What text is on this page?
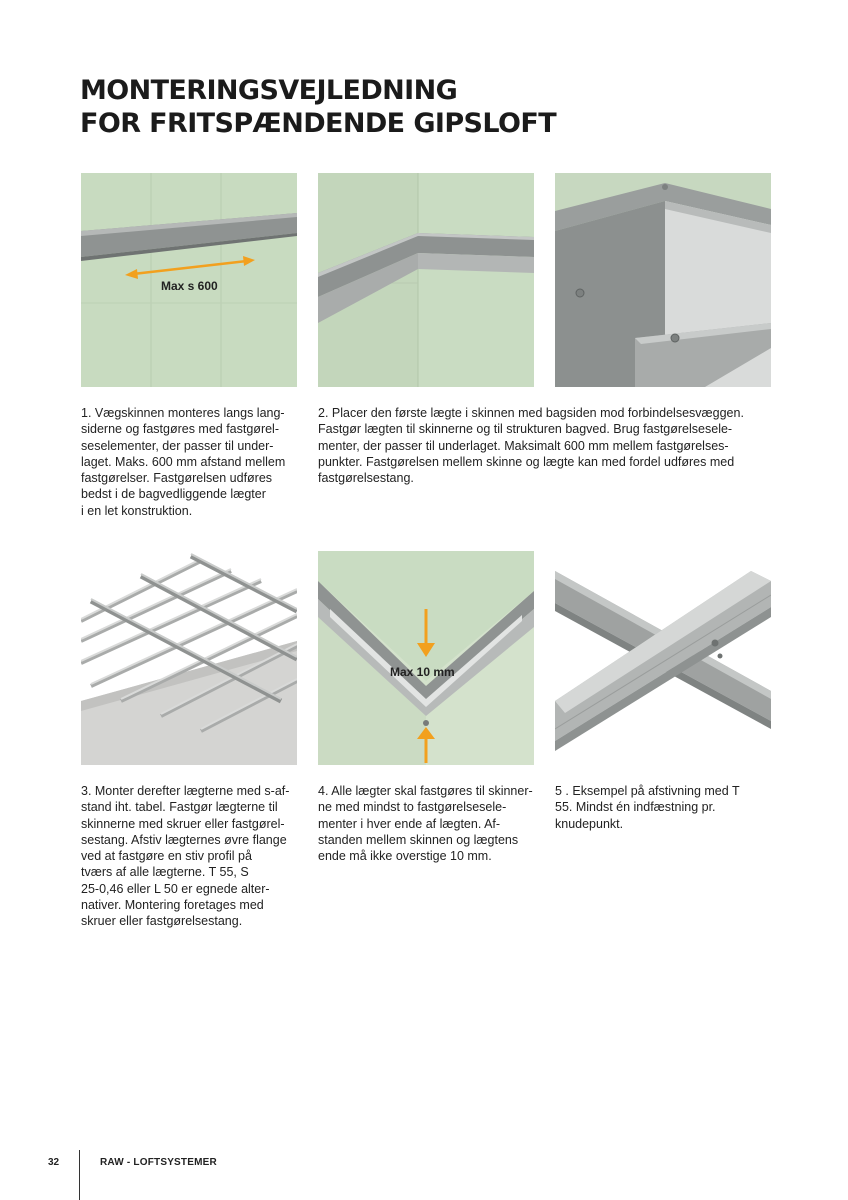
MONTERINGSVEJLEDNING
FOR FRITSPÆNDENDE GIPSLOFT
Max s 600

1. Vægskinnen monteres langs lang-
siderne og fastgøres med fastgørel-
seselementer, der passer til under-
laget. Maks. 600 mm afstand mellem
fastgørelser. Fastgørelsen udføres
bedst i de bagvedliggende lægter
i en let konstruktion.

2. Placer den første lægte i skinnen med bagsiden mod forbindelsesvæggen.
Fastgør lægten til skinnerne og til strukturen bagved. Brug fastgørelsesele-
menter, der passer til underlaget. Maksimalt 600 mm mellem fastgørelses-
punkter. Fastgørelsen mellem skinne og lægte kan med fordel udføres med
fastgørelsestang.

Max 10 mm

3. Monter derefter lægterne med s-af-
stand iht. tabel. Fastgør lægterne til
skinnerne med skruer eller fastgørel-
sestang. Afstiv lægternes øvre flange
ved at fastgøre en stiv profil på
tværs af alle lægterne. T 55, S
25-0,46 eller L 50 er egnede alter-
nativer. Montering foretages med
skruer eller fastgørelsestang.

4. Alle lægter skal fastgøres til skinner-
ne med mindst to fastgørelsesele-
menter i hver ende af lægten. Af-
standen mellem skinnen og lægtens
ende må ikke overstige 10 mm.

5 . Eksempel på afstivning med T
55. Mindst én indfæstning pr.
knudepunkt.

32	RAW - LOFTSYSTEMER
